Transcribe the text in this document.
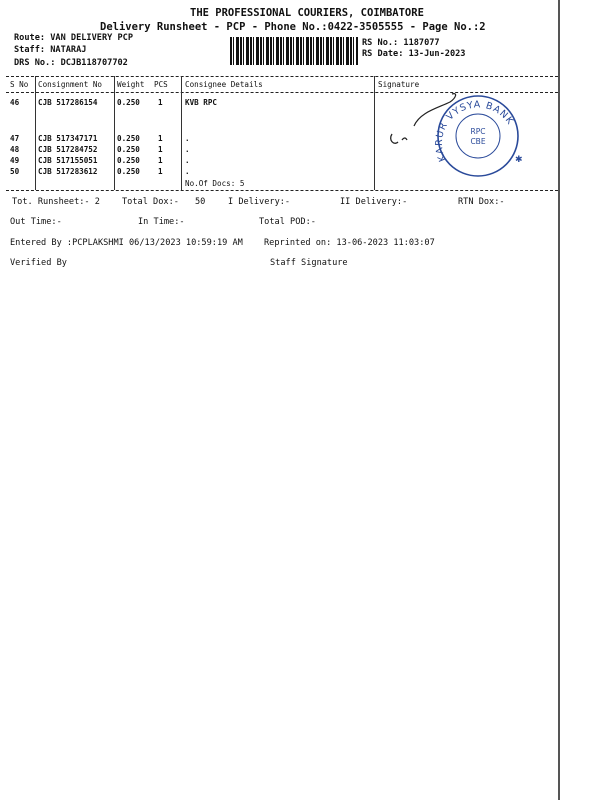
THE PROFESSIONAL COURIERS, COIMBATORE
Delivery Runsheet - PCP - Phone No.:0422-3505555 - Page No.:2
Route: VAN DELIVERY PCP
Staff: NATARAJ
DRS No.: DCJB118707702
RS No.: 1187077
RS Date: 13-Jun-2023
S No Consignment No Weight PCS Consignee Details	Signature
46 CJB 517286154	0.250 1	KVB RPC
47 CJB 517347171	0.250 1	.
48 CJB 517284752	0.250 1	.
49 CJB 517155051	0.250 1	.
50 CJB 517283612	0.250 1	.
No.Of Docs: 5
KARUR VYSYA BANK
RPC
CBE
✱
Tot. Runsheet:- 2	Total Dox:- 50	I Delivery:-	II Delivery:-	RTN Dox:-
Out Time:-	In Time:-	Total POD:-
Entered By :PCPLAKSHMI 06/13/2023 10:59:19 AM Reprinted on: 13-06-2023 11:03:07
Verified By	Staff Signature
